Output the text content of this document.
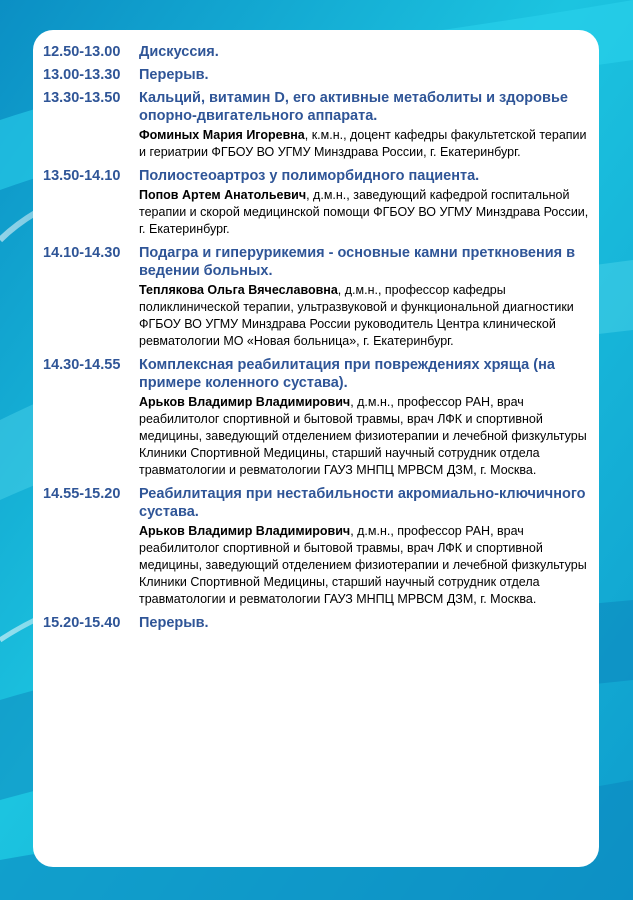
12.50-13.00	Дискуссия.
13.00-13.30	Перерыв.
13.30-13.50	Кальций, витамин D, его активные метаболиты и здоровье опорно-двигательного аппарата.
Фоминых Мария Игоревна, к.м.н., доцент кафедры факультетской терапии и гериатрии ФГБОУ ВО УГМУ Минздрава России, г. Екатеринбург.
13.50-14.10	Полиостеоартроз у полиморбидного пациента.
Попов Артем Анатольевич, д.м.н., заведующий кафедрой госпитальной терапии и скорой медицинской помощи ФГБОУ ВО УГМУ Минздрава России, г. Екатеринбург.
14.10-14.30	Подагра и гиперурикемия - основные камни преткновения в ведении больных.
Теплякова Ольга Вячеславовна, д.м.н., профессор кафедры поликлинической терапии, ультразвуковой и функциональной диагностики ФГБОУ ВО УГМУ Минздрава России руководитель Центра клинической ревматологии МО «Новая больница», г. Екатеринбург.
14.30-14.55	Комплексная реабилитация при повреждениях хряща (на примере коленного сустава).
Арьков Владимир Владимирович, д.м.н., профессор РАН, врач реабилитолог спортивной и бытовой травмы, врач ЛФК и спортивной медицины, заведующий отделением физиотерапии и лечебной физкультуры Клиники Спортивной Медицины, старший научный сотрудник отдела травматологии и ревматологии ГАУЗ МНПЦ МРВСМ ДЗМ, г. Москва.
14.55-15.20	Реабилитация при нестабильности акромиально-ключичного сустава.
Арьков Владимир Владимирович, д.м.н., профессор РАН, врач реабилитолог спортивной и бытовой травмы, врач ЛФК и спортивной медицины, заведующий отделением физиотерапии и лечебной физкультуры Клиники Спортивной Медицины, старший научный сотрудник отдела травматологии и ревматологии ГАУЗ МНПЦ МРВСМ ДЗМ, г. Москва.
15.20-15.40	Перерыв.
